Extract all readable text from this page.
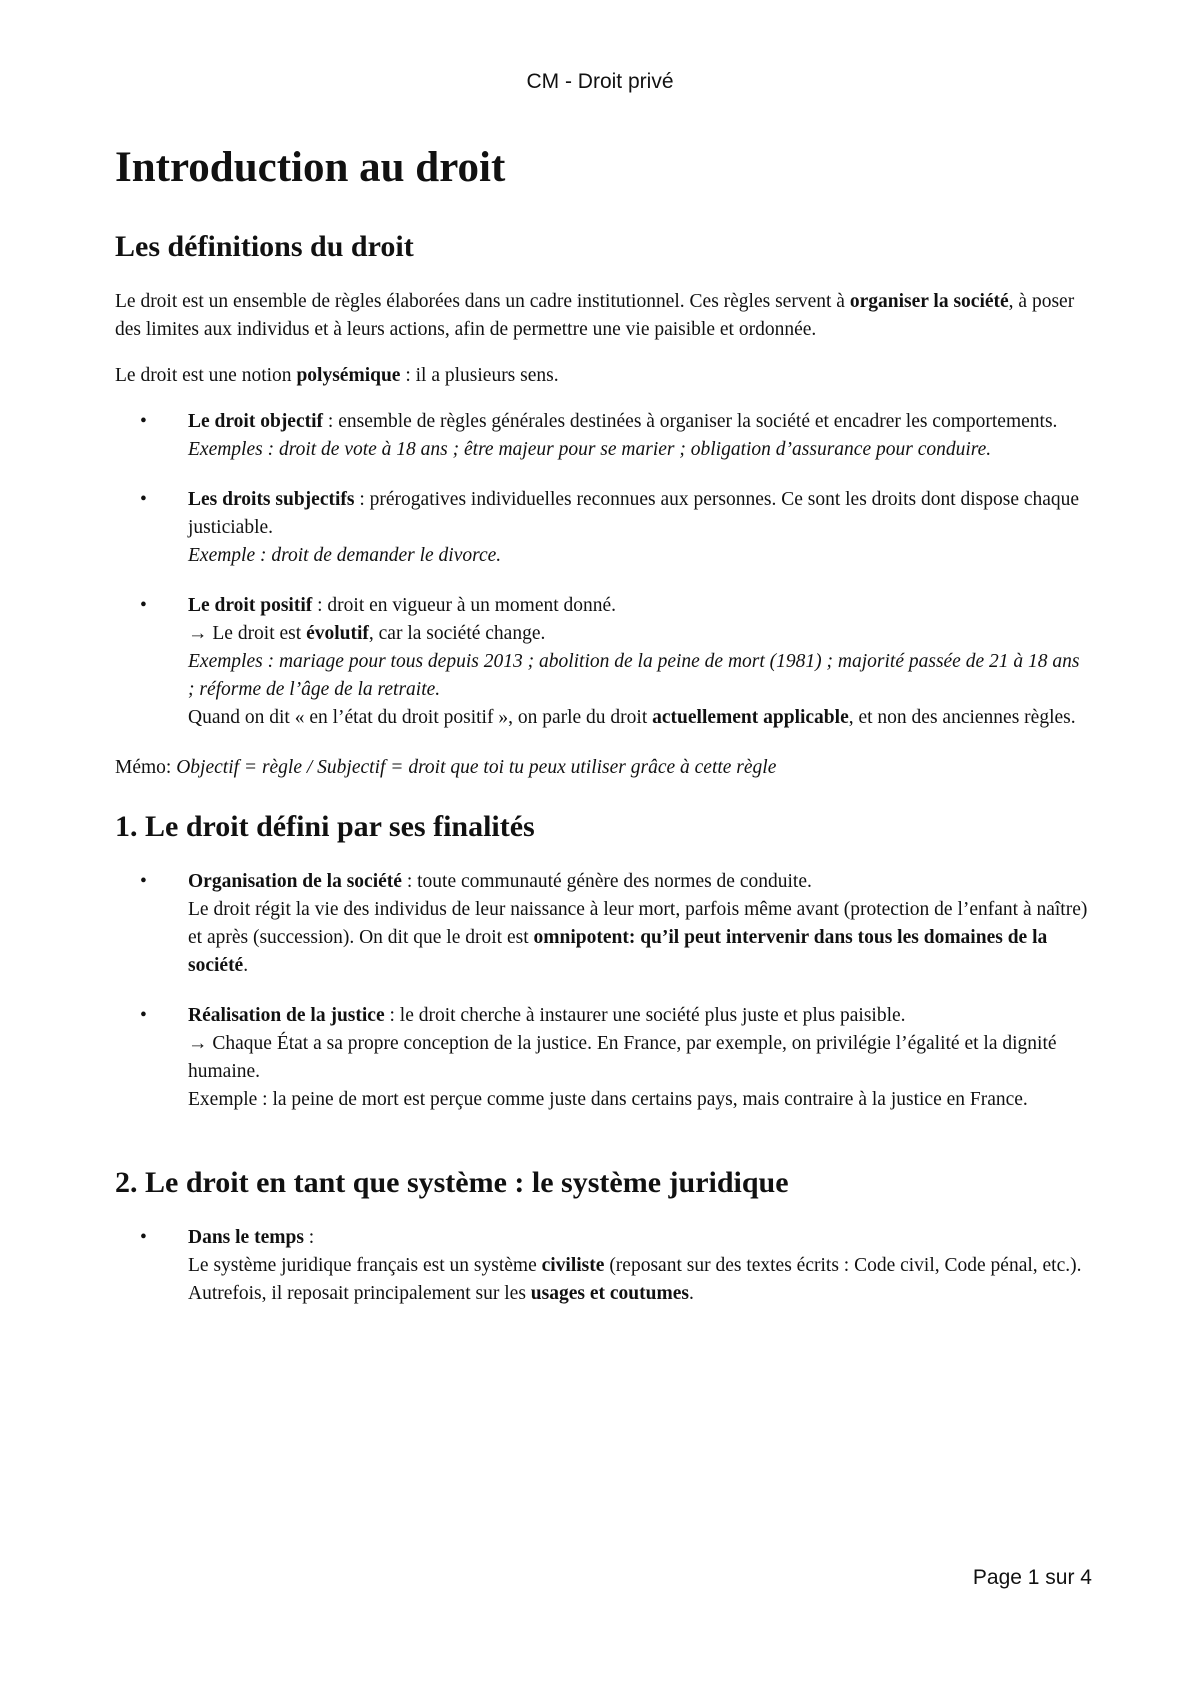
CM - Droit privé
Introduction au droit
Les définitions du droit

Le droit est un ensemble de règles élaborées dans un cadre institutionnel. Ces règles servent à organiser la société, à poser des limites aux individus et à leurs actions, afin de permettre une vie paisible et ordonnée.

Le droit est une notion polysémique : il a plusieurs sens.

• Le droit objectif : ensemble de règles générales destinées à organiser la société et encadrer les comportements.
Exemples : droit de vote à 18 ans ; être majeur pour se marier ; obligation d’assurance pour conduire.
• Les droits subjectifs : prérogatives individuelles reconnues aux personnes. Ce sont les droits dont dispose chaque justiciable.
Exemple : droit de demander le divorce.
• Le droit positif : droit en vigueur à un moment donné.
→ Le droit est évolutif, car la société change.
Exemples : mariage pour tous depuis 2013 ; abolition de la peine de mort (1981) ; majorité passée de 21 à 18 ans ; réforme de l’âge de la retraite.
Quand on dit « en l’état du droit positif », on parle du droit actuellement applicable, et non des anciennes règles.

Mémo: Objectif = règle / Subjectif = droit que toi tu peux utiliser grâce à cette règle

1. Le droit défini par ses finalités
• Organisation de la société : toute communauté génère des normes de conduite.
Le droit régit la vie des individus de leur naissance à leur mort, parfois même avant (protection de l’enfant à naître) et après (succession). On dit que le droit est omnipotent: qu’il peut intervenir dans tous les domaines de la société.
• Réalisation de la justice : le droit cherche à instaurer une société plus juste et plus paisible.
→ Chaque État a sa propre conception de la justice. En France, par exemple, on privilégie l’égalité et la dignité humaine.
Exemple : la peine de mort est perçue comme juste dans certains pays, mais contraire à la justice en France.
2. Le droit en tant que système : le système juridique
• Dans le temps :
Le système juridique français est un système civiliste (reposant sur des textes écrits : Code civil, Code pénal, etc.).
Autrefois, il reposait principalement sur les usages et coutumes.
Page 1 sur 4
